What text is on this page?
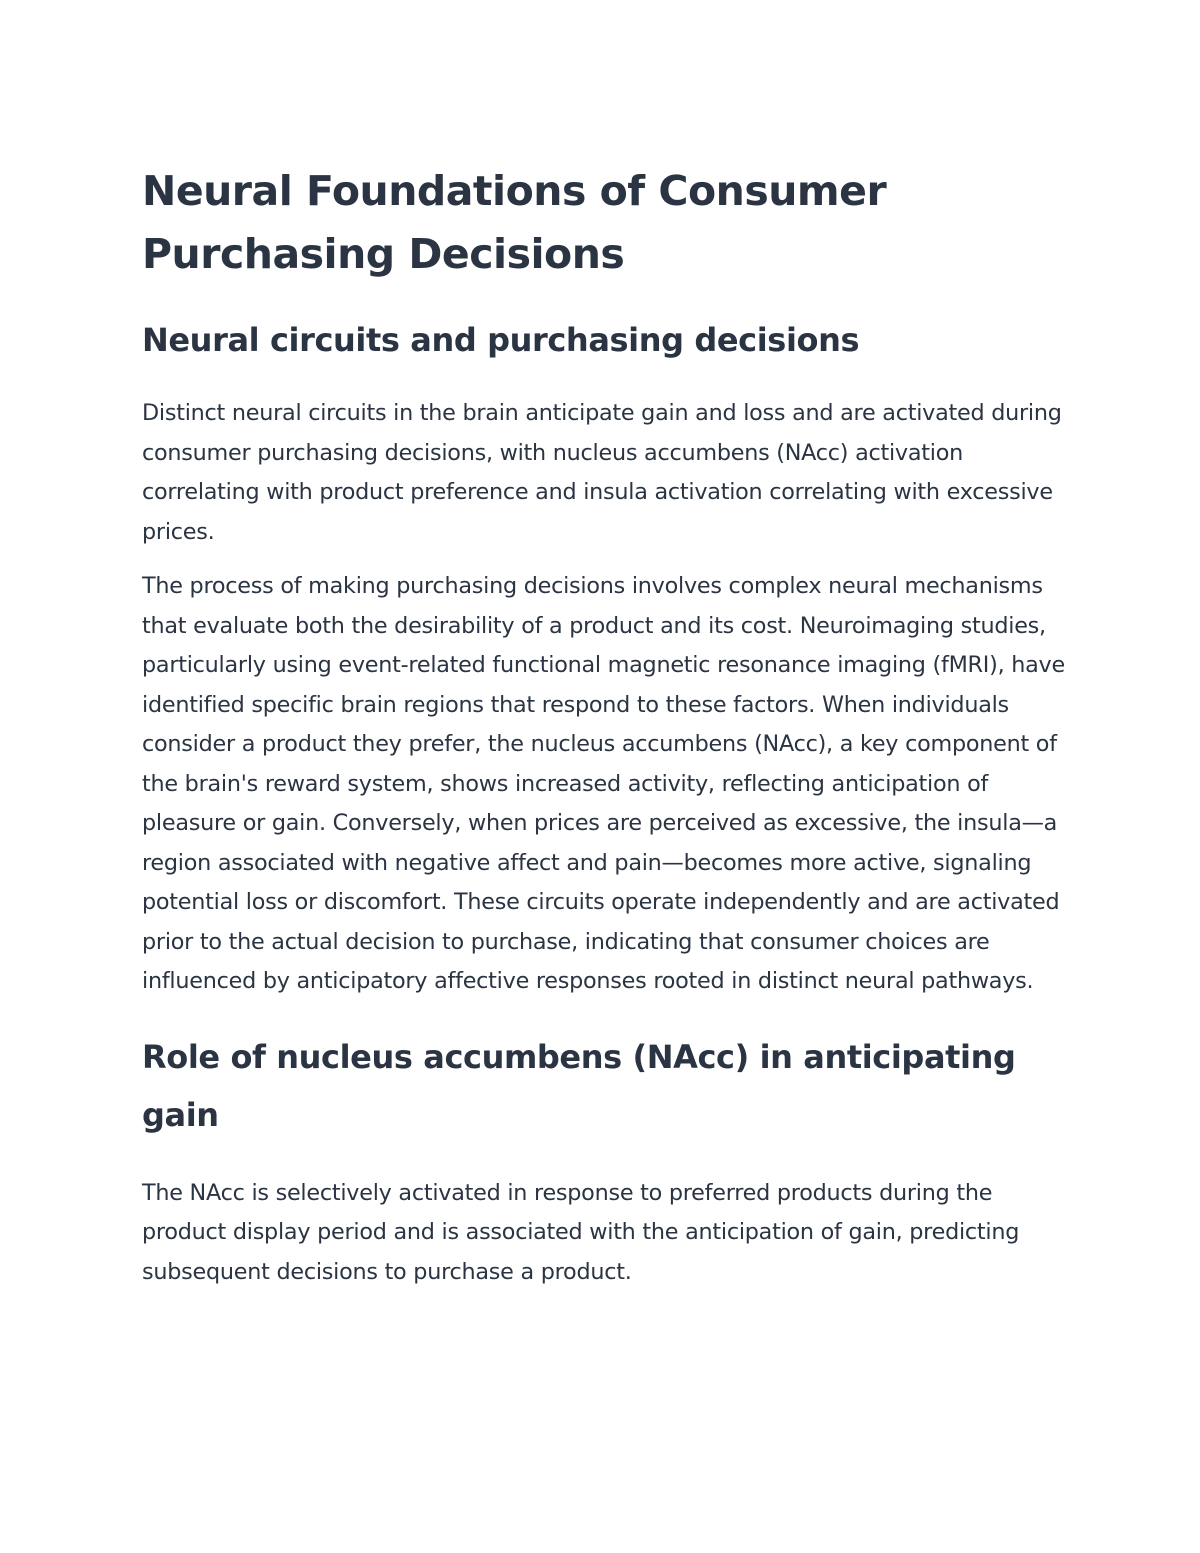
Neural Foundations of Consumer Purchasing Decisions
Neural circuits and purchasing decisions

Distinct neural circuits in the brain anticipate gain and loss and are activated during consumer purchasing decisions, with nucleus accumbens (NAcc) activation correlating with product preference and insula activation correlating with excessive prices.

The process of making purchasing decisions involves complex neural mechanisms that evaluate both the desirability of a product and its cost. Neuroimaging studies, particularly using event-related functional magnetic resonance imaging (fMRI), have identified specific brain regions that respond to these factors. When individuals consider a product they prefer, the nucleus accumbens (NAcc), a key component of the brain's reward system, shows increased activity, reflecting anticipation of pleasure or gain. Conversely, when prices are perceived as excessive, the insula—a region associated with negative affect and pain—becomes more active, signaling potential loss or discomfort. These circuits operate independently and are activated prior to the actual decision to purchase, indicating that consumer choices are influenced by anticipatory affective responses rooted in distinct neural pathways.

Role of nucleus accumbens (NAcc) in anticipating gain

The NAcc is selectively activated in response to preferred products during the product display period and is associated with the anticipation of gain, predicting subsequent decisions to purchase a product.
